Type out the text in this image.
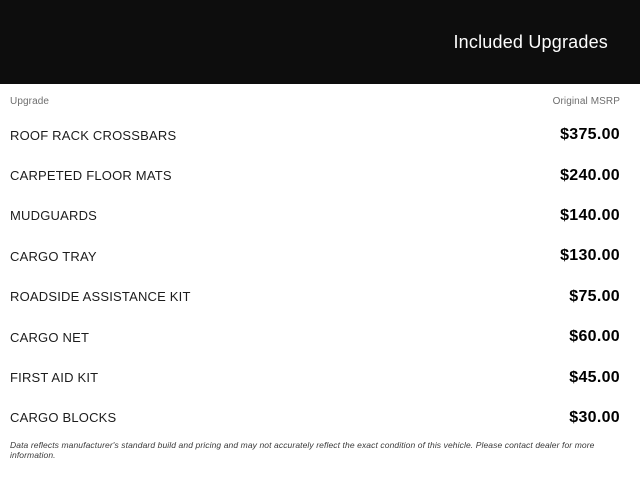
Included Upgrades
Upgrade	Original MSRP
ROOF RACK CROSSBARS	$375.00
CARPETED FLOOR MATS	$240.00
MUDGUARDS	$140.00
CARGO TRAY	$130.00
ROADSIDE ASSISTANCE KIT	$75.00
CARGO NET	$60.00
FIRST AID KIT	$45.00
CARGO BLOCKS	$30.00

Data reflects manufacturer's standard build and pricing and may not accurately reflect the exact condition of this vehicle. Please contact dealer for more information.
